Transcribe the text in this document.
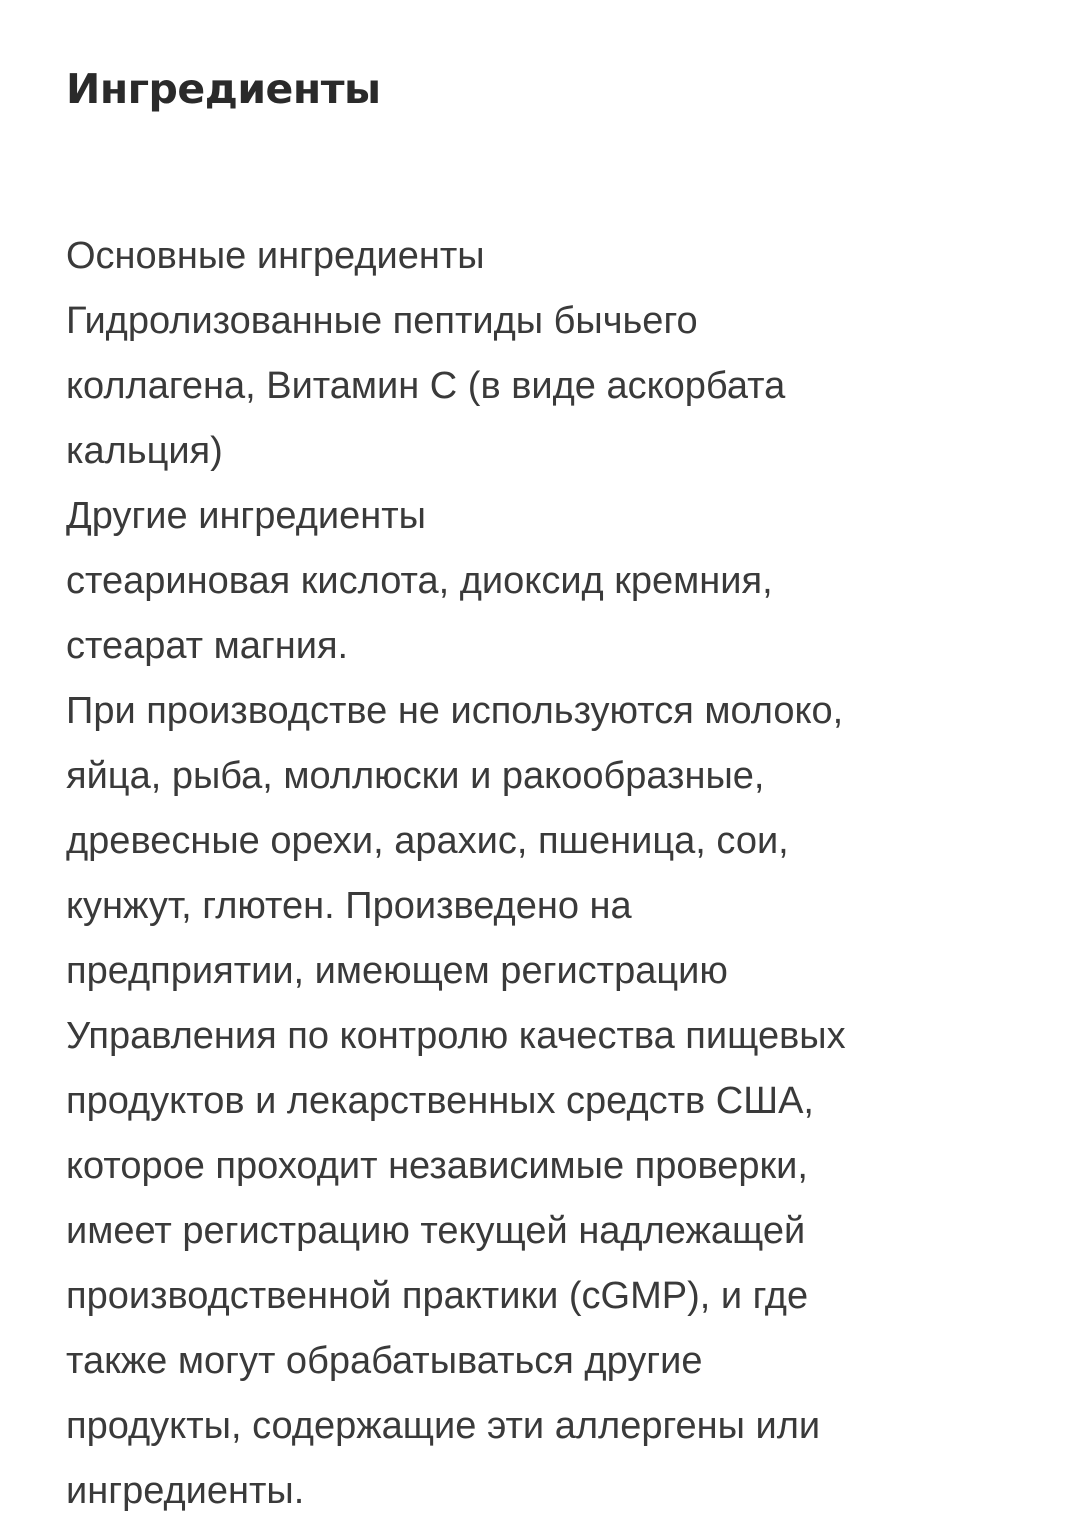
Ингредиенты
Основные ингредиенты
Гидролизованные пептиды бычьего
коллагена, Витамин C (в виде аскорбата
кальция)
Другие ингредиенты
стеариновая кислота, диоксид кремния,
стеарат магния.
При производстве не используются молоко,
яйца, рыба, моллюски и ракообразные,
древесные орехи, арахис, пшеница, сои,
кунжут, глютен. Произведено на
предприятии, имеющем регистрацию
Управления по контролю качества пищевых
продуктов и лекарственных средств США,
которое проходит независимые проверки,
имеет регистрацию текущей надлежащей
производственной практики (cGMP), и где
также могут обрабатываться другие
продукты, содержащие эти аллергены или
ингредиенты.
